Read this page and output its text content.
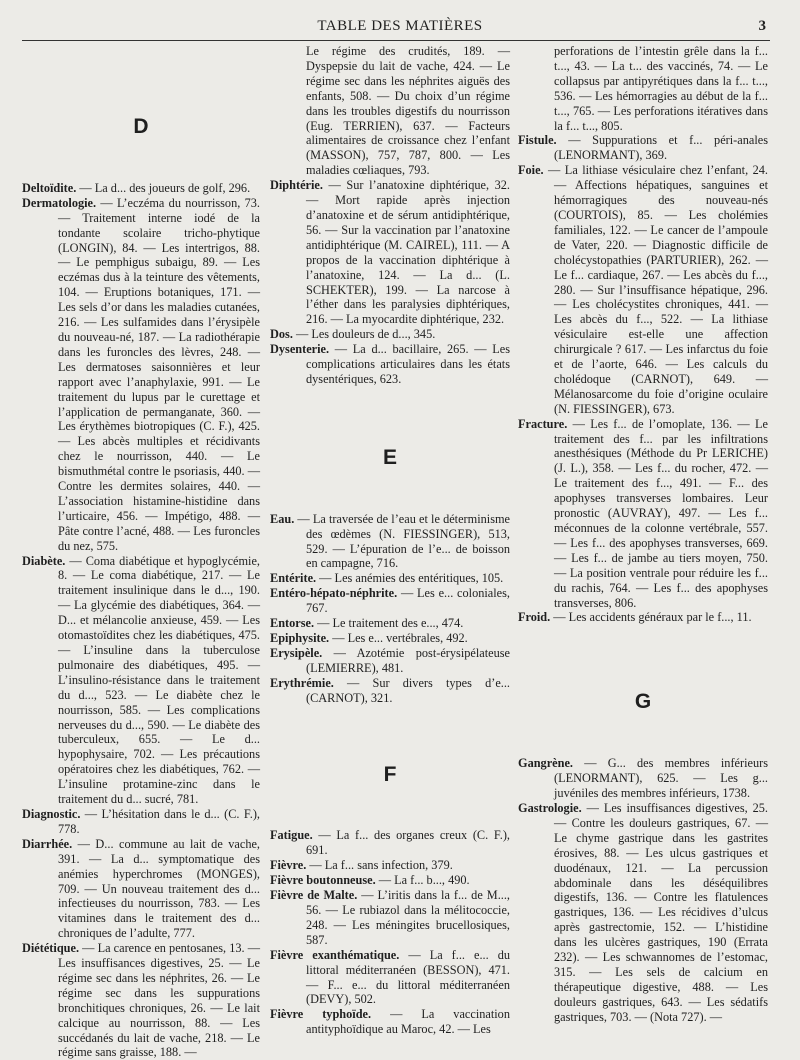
TABLE DES MATIÈRES	3
D

Deltoïdite. — La d... des joueurs de golf, 296.

Dermatologie. — L’eczéma du nourrisson, 73. — Traitement interne iodé de la tondante scolaire tricho-phytique (LONGIN), 84. — Les intertrigos, 88. — Le pemphigus subaigu, 89. — Les eczémas dus à la teinture des vêtements, 104. — Eruptions botaniques, 171. — Les sels d’or dans les maladies cutanées, 216. — Les sulfamides dans l’érysipèle du nouveau-né, 187. — La radiothérapie dans les furoncles des lèvres, 248. — Les dermatoses saisonnières et leur rapport avec l’anaphylaxie, 991. — Le traitement du lupus par le curettage et l’application de permanganate, 360. — Les érythèmes biotropiques (C. F.), 425. — Les abcès multiples et récidivants chez le nourrisson, 440. — Le bismuthmétal contre le psoriasis, 440. — Contre les dermites solaires, 440. — L’association histamine-histidine dans l’urticaire, 456. — Impétigo, 488. — Pâte contre l’acné, 488. — Les furoncles du nez, 575.

Diabète. — Coma diabétique et hypoglycémie, 8. — Le coma diabétique, 217. — Le traitement insulinique dans le d..., 190. — La glycémie des diabétiques, 364. — D... et mélancolie anxieuse, 459. — Les otomastoïdites chez les diabétiques, 475. — L’insuline dans la tuberculose pulmonaire des diabétiques, 495. — L’insulino-résistance dans le traitement du d..., 523. — Le diabète chez le nourrisson, 585. — Les complications nerveuses du d..., 590. — Le diabète des tuberculeux, 655. — Le d... hypophysaire, 702. — Les précautions opératoires chez les diabétiques, 762. — L’insuline protamine-zinc dans le traitement du d... sucré, 781.

Diagnostic. — L’hésitation dans le d... (C. F.), 778.

Diarrhée. — D... commune au lait de vache, 391. — La d... symptomatique des anémies hyperchromes (MONGES), 709. — Un nouveau traitement des d... infectieuses du nourrisson, 783. — Les vitamines dans le traitement des d... chroniques de l’adulte, 777.

Diététique. — La carence en pentosanes, 13. — Les insuffisances digestives, 25. — Le régime sec dans les néphrites, 26. — Le régime sec dans les suppurations bronchitiques chroniques, 26. — Le lait calcique au nourrisson, 88. — Les succédanés du lait de vache, 218. — Le régime sans graisse, 188. —

Le régime des crudités, 189. — Dyspepsie du lait de vache, 424. — Le régime sec dans les néphrites aiguës des enfants, 508. — Du choix d’un régime dans les troubles digestifs du nourrisson (Eug. TERRIEN), 637. — Facteurs alimentaires de croissance chez l’enfant (MASSON), 757, 787, 800. — Les maladies cœliaques, 793.

Diphtérie. — Sur l’anatoxine diphtérique, 32. — Mort rapide après injection d’anatoxine et de sérum antidiphtérique, 56. — Sur la vaccination par l’anatoxine antidiphtérique (M. CAIREL), 111. — A propos de la vaccination diphtérique à l’anatoxine, 124. — La d... (L. SCHEKTER), 199. — La narcose à l’éther dans les paralysies diphtériques, 216. — La myocardite diphtérique, 232.

Dos. — Les douleurs de d..., 345.

Dysenterie. — La d... bacillaire, 265. — Les complications articulaires dans les états dysentériques, 623.

E

Eau. — La traversée de l’eau et le déterminisme des œdèmes (N. FIESSINGER), 513, 529. — L’épuration de l’e... de boisson en campagne, 716.

Entérite. — Les anémies des entéritiques, 105.

Entéro-hépato-néphrite. — Les e... coloniales, 767.

Entorse. — Le traitement des e..., 474.

Epiphysite. — Les e... vertébrales, 492.

Erysipèle. — Azotémie post-érysipélateuse (LEMIERRE), 481.

Erythrémie. — Sur divers types d’e... (CARNOT), 321.

F

Fatigue. — La f... des organes creux (C. F.), 691.

Fièvre. — La f... sans infection, 379.

Fièvre boutonneuse. — La f... b..., 490.

Fièvre de Malte. — L’iritis dans la f... de M..., 56. — Le rubiazol dans la mélitococcie, 248. — Les méningites brucellosiques, 587.

Fièvre exanthématique. — La f... e... du littoral méditerranéen (BESSON), 471. — F... e... du littoral méditerranéen (DEVY), 502.

Fièvre typhoïde. — La vaccination antityphoïdique au Maroc, 42. — Les

perforations de l’intestin grêle dans la f... t..., 43. — La t... des vaccinés, 74. — Le collapsus par antipyrétiques dans la f... t..., 536. — Les hémorragies au début de la f... t..., 765. — Les perforations itératives dans la f... t..., 805.

Fistule. — Suppurations et f... péri-anales (LENORMANT), 369.

Foie. — La lithiase vésiculaire chez l’enfant, 24. — Affections hépatiques, sanguines et hémorragiques des nouveau-nés (COURTOIS), 85. — Les cholémies familiales, 122. — Le cancer de l’ampoule de Vater, 220. — Diagnostic difficile de cholécystopathies (PARTURIER), 262. — Le f... cardiaque, 267. — Les abcès du f..., 280. — Sur l’insuffisance hépatique, 296. — Les cholécystites chroniques, 441. — Les abcès du f..., 522. — La lithiase vésiculaire est-elle une affection chirurgicale ? 617. — Les infarctus du foie et de l’aorte, 646. — Les calculs du cholédoque (CARNOT), 649. — Mélanosarcome du foie d’origine oculaire (N. FIESSINGER), 673.

Fracture. — Les f... de l’omoplate, 136. — Le traitement des f... par les infiltrations anesthésiques (Méthode du Pr LERICHE) (J. L.), 358. — Les f... du rocher, 472. — Le traitement des f..., 491. — F... des apophyses transverses lombaires. Leur pronostic (AUVRAY), 497. — Les f... méconnues de la colonne vertébrale, 557. — Les f... des apophyses transverses, 669. — Les f... de jambe au tiers moyen, 750. — La position ventrale pour réduire les f... du rachis, 764. — Les f... des apophyses transverses, 806.

Froid. — Les accidents généraux par le f..., 11.

G

Gangrène. — G... des membres inférieurs (LENORMANT), 625. — Les g... juvéniles des membres inférieurs, 1738.

Gastrologie. — Les insuffisances digestives, 25. — Contre les douleurs gastriques, 67. — Le chyme gastrique dans les gastrites érosives, 88. — Les ulcus gastriques et duodénaux, 121. — La percussion abdominale dans les déséquilibres digestifs, 136. — Contre les flatulences gastriques, 136. — Les récidives d’ulcus après gastrectomie, 152. — L’histidine dans les ulcères gastriques, 190 (Errata 232). — Les schwannomes de l’estomac, 315. — Les sels de calcium en thérapeutique digestive, 488. — Les douleurs gastriques, 643. — Les sédatifs gastriques, 703. — (Nota 727). —
